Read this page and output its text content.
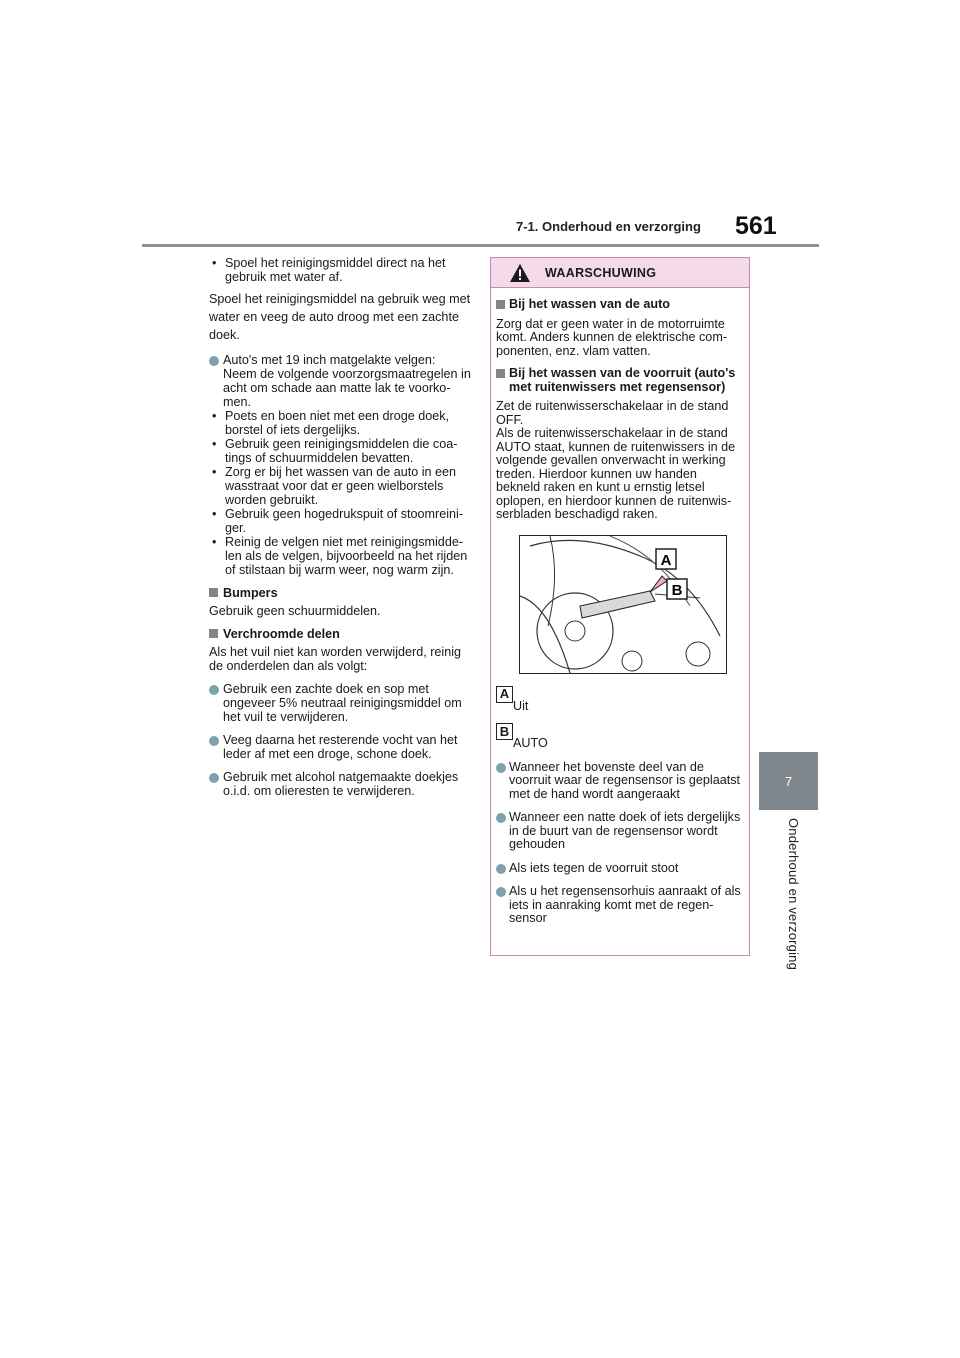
7-1. Onderhoud en verzorging	561
7
Onderhoud en verzorging
• Spoel het reinigingsmiddel direct na het gebruik met water af.

Spoel het reinigingsmiddel na gebruik weg met water en veeg de auto droog met een zachte doek.

Auto's met 19 inch matgelakte velgen: Neem de volgende voorzorgsmaatregelen in acht om schade aan matte lak te voorkomen.
• Poets en boen niet met een droge doek, borstel of iets dergelijks.
• Gebruik geen reinigingsmiddelen die coatings of schuurmiddelen bevatten.
• Zorg er bij het wassen van de auto in een wasstraat voor dat er geen wielborstels worden gebruikt.
• Gebruik geen hogedrukspuit of stoomreiniger.
• Reinig de velgen niet met reinigingsmiddelen als de velgen, bijvoorbeeld na het rijden of stilstaan bij warm weer, nog warm zijn.
Bumpers
Gebruik geen schuurmiddelen.
Verchroomde delen
Als het vuil niet kan worden verwijderd, reinig de onderdelen dan als volgt:
Gebruik een zachte doek en sop met ongeveer 5% neutraal reinigingsmiddel om het vuil te verwijderen.
Veeg daarna het resterende vocht van het leder af met een droge, schone doek.
Gebruik met alcohol natgemaakte doekjes o.i.d. om olieresten te verwijderen.
WAARSCHUWING
Bij het wassen van de auto
Zorg dat er geen water in de motorruimte komt. Anders kunnen de elektrische componenten, enz. vlam vatten.
Bij het wassen van de voorruit (auto's met ruitenwissers met regensensor)
Zet de ruitenwisserschakelaar in de stand OFF.
Als de ruitenwisserschakelaar in de stand AUTO staat, kunnen de ruitenwissers in de volgende gevallen onverwacht in werking treden. Hierdoor kunnen uw handen bekneld raken en kunt u ernstig letsel oplopen, en hierdoor kunnen de ruitenwisserbladen beschadigd raken.
A
B
A
Uit
B
AUTO
Wanneer het bovenste deel van de voorruit waar de regensensor is geplaatst met de hand wordt aangeraakt
Wanneer een natte doek of iets dergelijks in de buurt van de regensensor wordt gehouden
Als iets tegen de voorruit stoot
Als u het regensensorhuis aanraakt of als iets in aanraking komt met de regensensor
